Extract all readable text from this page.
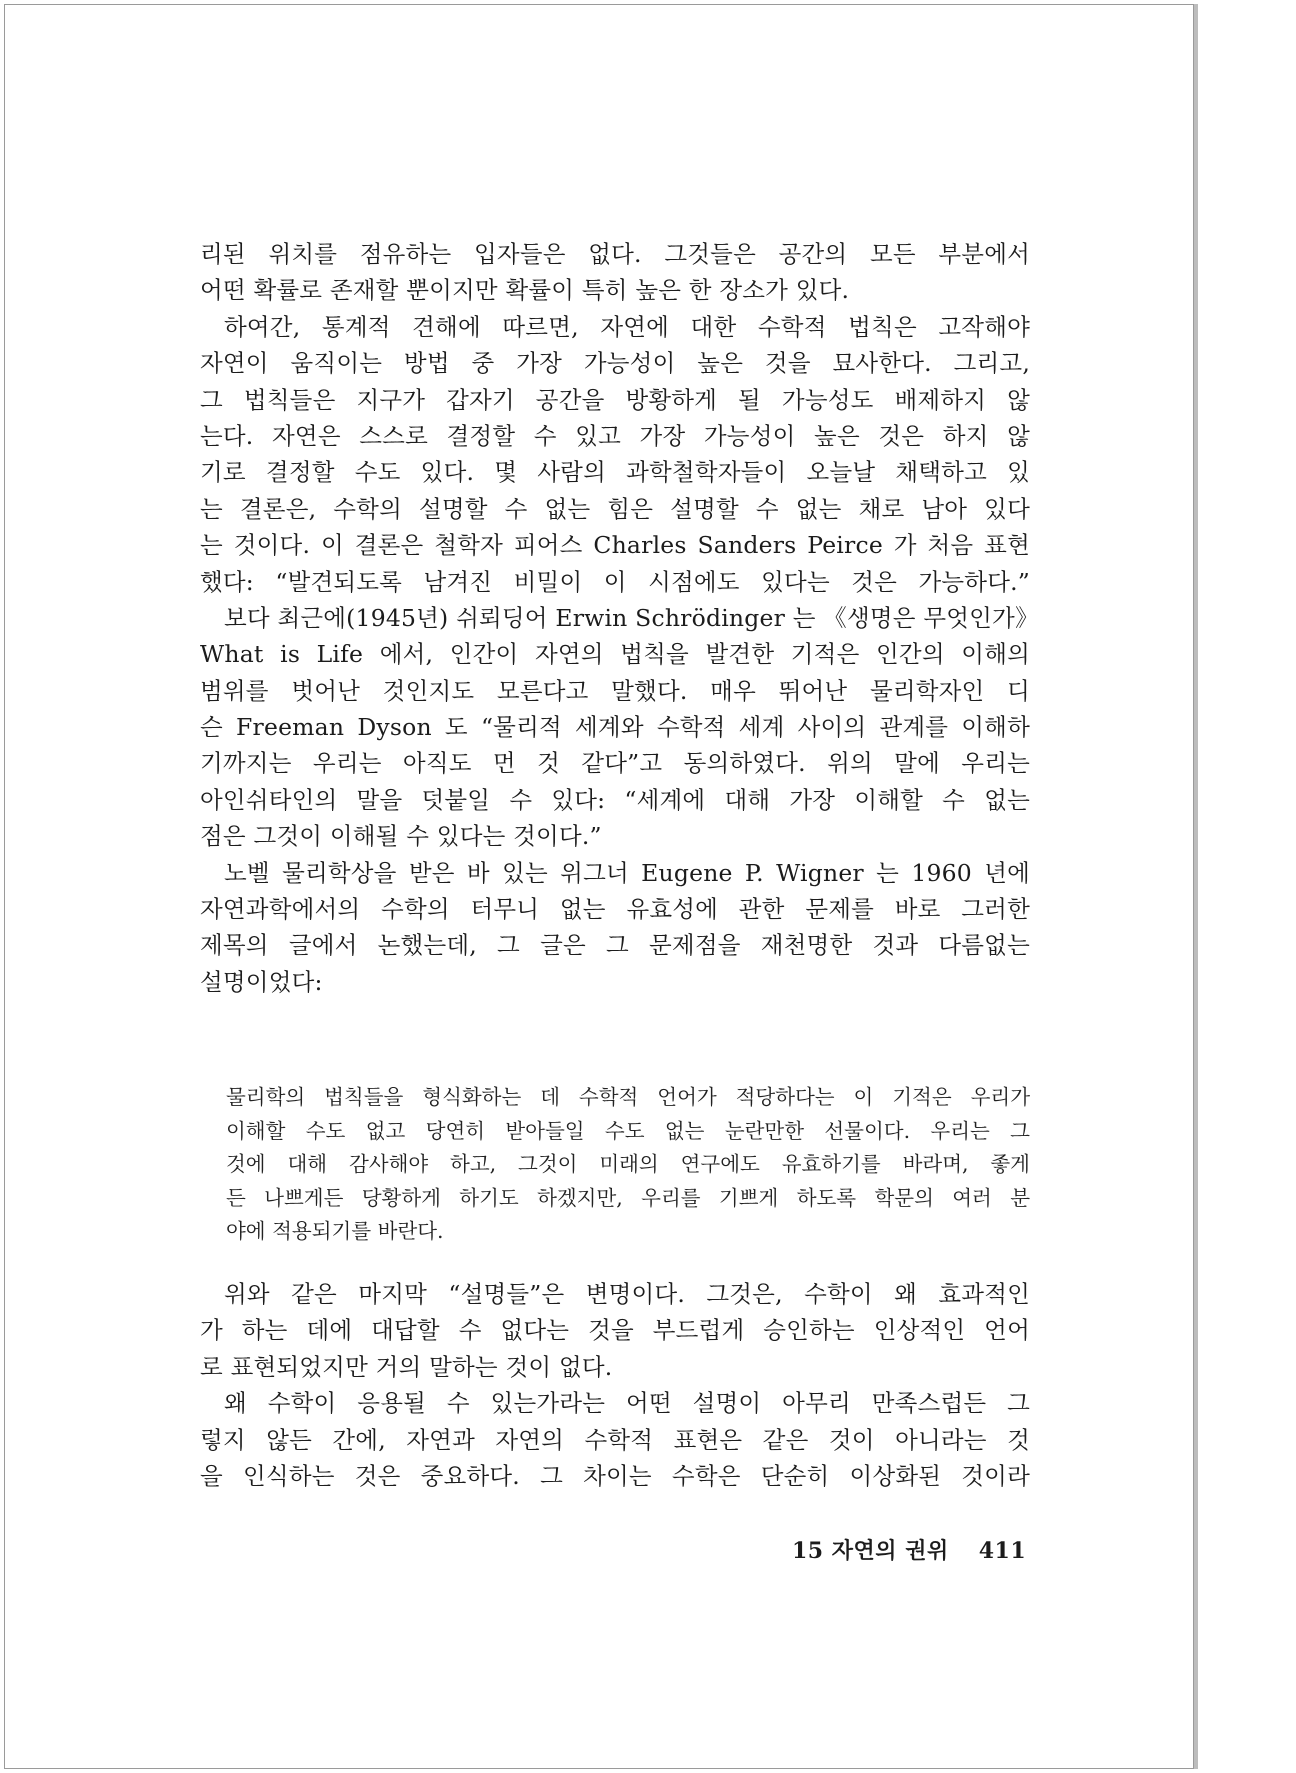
리된 위치를 점유하는 입자들은 없다. 그것들은 공간의 모든 부분에서
어떤 확률로 존재할 뿐이지만 확률이 특히 높은 한 장소가 있다.
하여간, 통계적 견해에 따르면, 자연에 대한 수학적 법칙은 고작해야
자연이 움직이는 방법 중 가장 가능성이 높은 것을 묘사한다. 그리고,
그 법칙들은 지구가 갑자기 공간을 방황하게 될 가능성도 배제하지 않
는다. 자연은 스스로 결정할 수 있고 가장 가능성이 높은 것은 하지 않
기로 결정할 수도 있다. 몇 사람의 과학철학자들이 오늘날 채택하고 있
는 결론은, 수학의 설명할 수 없는 힘은 설명할 수 없는 채로 남아 있다
는 것이다. 이 결론은 철학자 피어스 Charles Sanders Peirce 가 처음 표현
했다: “발견되도록 남겨진 비밀이 이 시점에도 있다는 것은 가능하다.”
보다 최근에(1945년) 쉬뢰딩어 Erwin Schrödinger 는 《생명은 무엇인가》
What is Life 에서, 인간이 자연의 법칙을 발견한 기적은 인간의 이해의
범위를 벗어난 것인지도 모른다고 말했다. 매우 뛰어난 물리학자인 디
슨 Freeman Dyson 도 “물리적 세계와 수학적 세계 사이의 관계를 이해하
기까지는 우리는 아직도 먼 것 같다”고 동의하였다. 위의 말에 우리는
아인쉬타인의 말을 덧붙일 수 있다: “세계에 대해 가장 이해할 수 없는
점은 그것이 이해될 수 있다는 것이다.”
노벨 물리학상을 받은 바 있는 위그너 Eugene P. Wigner 는 1960 년에
자연과학에서의 수학의 터무니 없는 유효성에 관한 문제를 바로 그러한
제목의 글에서 논했는데, 그 글은 그 문제점을 재천명한 것과 다름없는
설명이었다:
물리학의 법칙들을 형식화하는 데 수학적 언어가 적당하다는 이 기적은 우리가
이해할 수도 없고 당연히 받아들일 수도 없는 눈란만한 선물이다. 우리는 그
것에 대해 감사해야 하고, 그것이 미래의 연구에도 유효하기를 바라며, 좋게
든 나쁘게든 당황하게 하기도 하겠지만, 우리를 기쁘게 하도록 학문의 여러 분
야에 적용되기를 바란다.
위와 같은 마지막 “설명들”은 변명이다. 그것은, 수학이 왜 효과적인
가 하는 데에 대답할 수 없다는 것을 부드럽게 승인하는 인상적인 언어
로 표현되었지만 거의 말하는 것이 없다.
왜 수학이 응용될 수 있는가라는 어떤 설명이 아무리 만족스럽든 그
렇지 않든 간에, 자연과 자연의 수학적 표현은 같은 것이 아니라는 것
을 인식하는 것은 중요하다. 그 차이는 수학은 단순히 이상화된 것이라
15 자연의 권위 411
